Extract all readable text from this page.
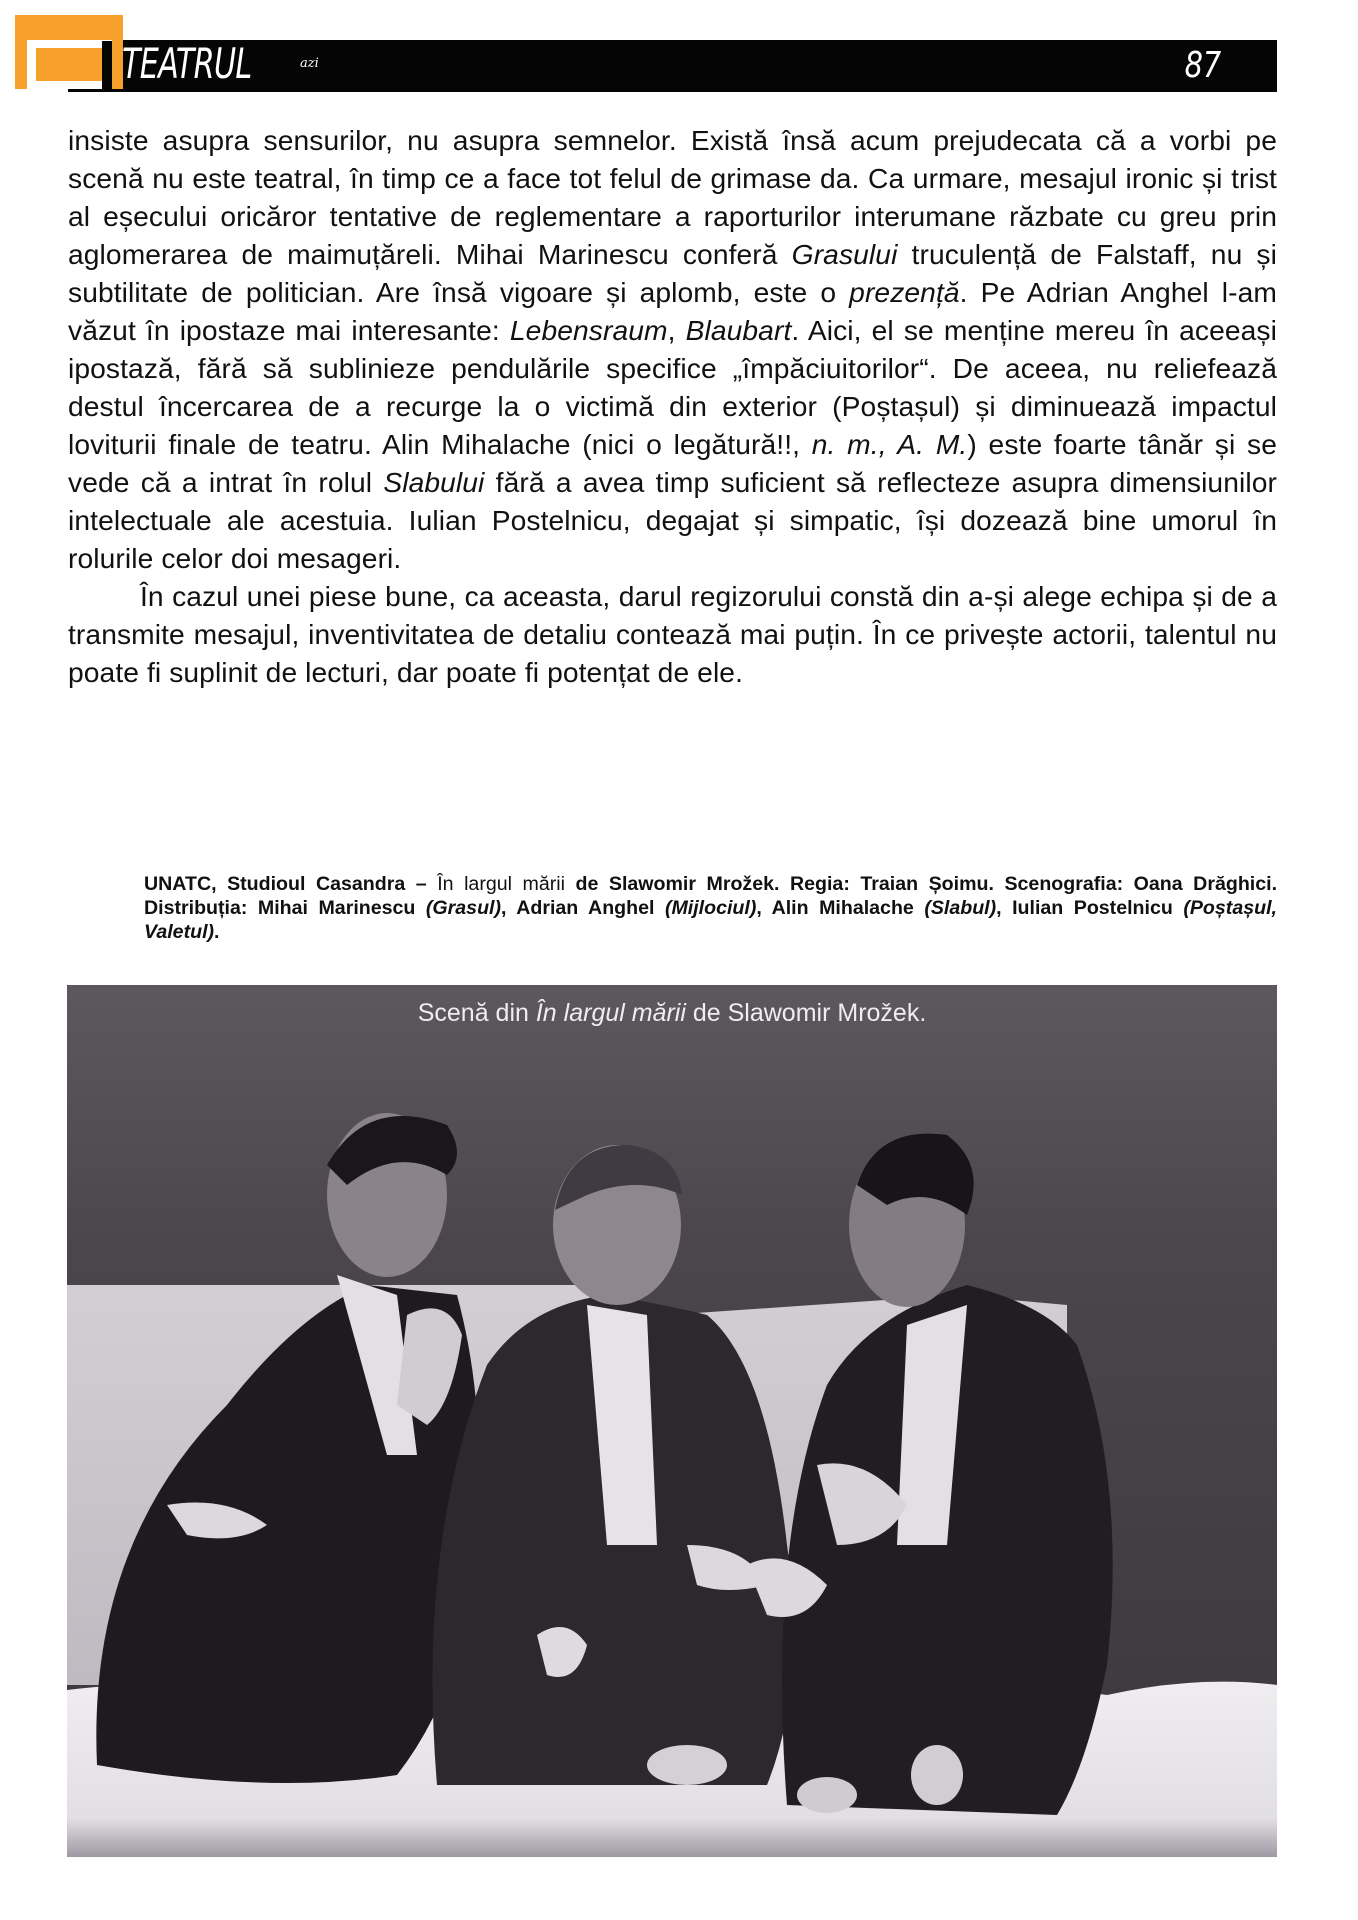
TEATRUL	azi	87

insiste asupra sensurilor, nu asupra semnelor. Există însă acum prejudecata că a vorbi pe scenă nu este teatral, în timp ce a face tot felul de grimase da. Ca urmare, mesajul ironic și trist al eșecului oricăror tentative de reglementare a raporturilor interumane răzbate cu greu prin aglomerarea de maimuțăreli. Mihai Marinescu conferă Grasului truculență de Falstaff, nu și subtilitate de politician. Are însă vigoare și aplomb, este o prezență. Pe Adrian Anghel l-am văzut în ipostaze mai interesante: Lebensraum, Blaubart. Aici, el se menține mereu în aceeași ipostază, fără să sublinieze pendulările specifice „împăciuitorilor“. De aceea, nu reliefează destul încercarea de a recurge la o victimă din exterior (Poștașul) și diminuează impactul loviturii finale de teatru. Alin Mihalache (nici o legătură!!, n. m., A. M.) este foarte tânăr și se vede că a intrat în rolul Slabului fără a avea timp suficient să reflecteze asupra dimensiunilor intelectuale ale acestuia. Iulian Postelnicu, degajat și simpatic, își dozează bine umorul în rolurile celor doi mesageri.

În cazul unei piese bune, ca aceasta, darul regizorului constă din a-și alege echipa și de a transmite mesajul, inventivitatea de detaliu contează mai puțin. În ce privește actorii, talentul nu poate fi suplinit de lecturi, dar poate fi potențat de ele.

UNATC, Studioul Casandra – În largul mării de Slawomir Mrožek. Regia: Traian Șoimu. Scenografia: Oana Drăghici. Distribuția: Mihai Marinescu (Grasul), Adrian Anghel (Mijlociul), Alin Mihalache (Slabul), Iulian Postelnicu (Poștașul, Valetul).
Scenă din În largul mării de Slawomir Mrožek.
